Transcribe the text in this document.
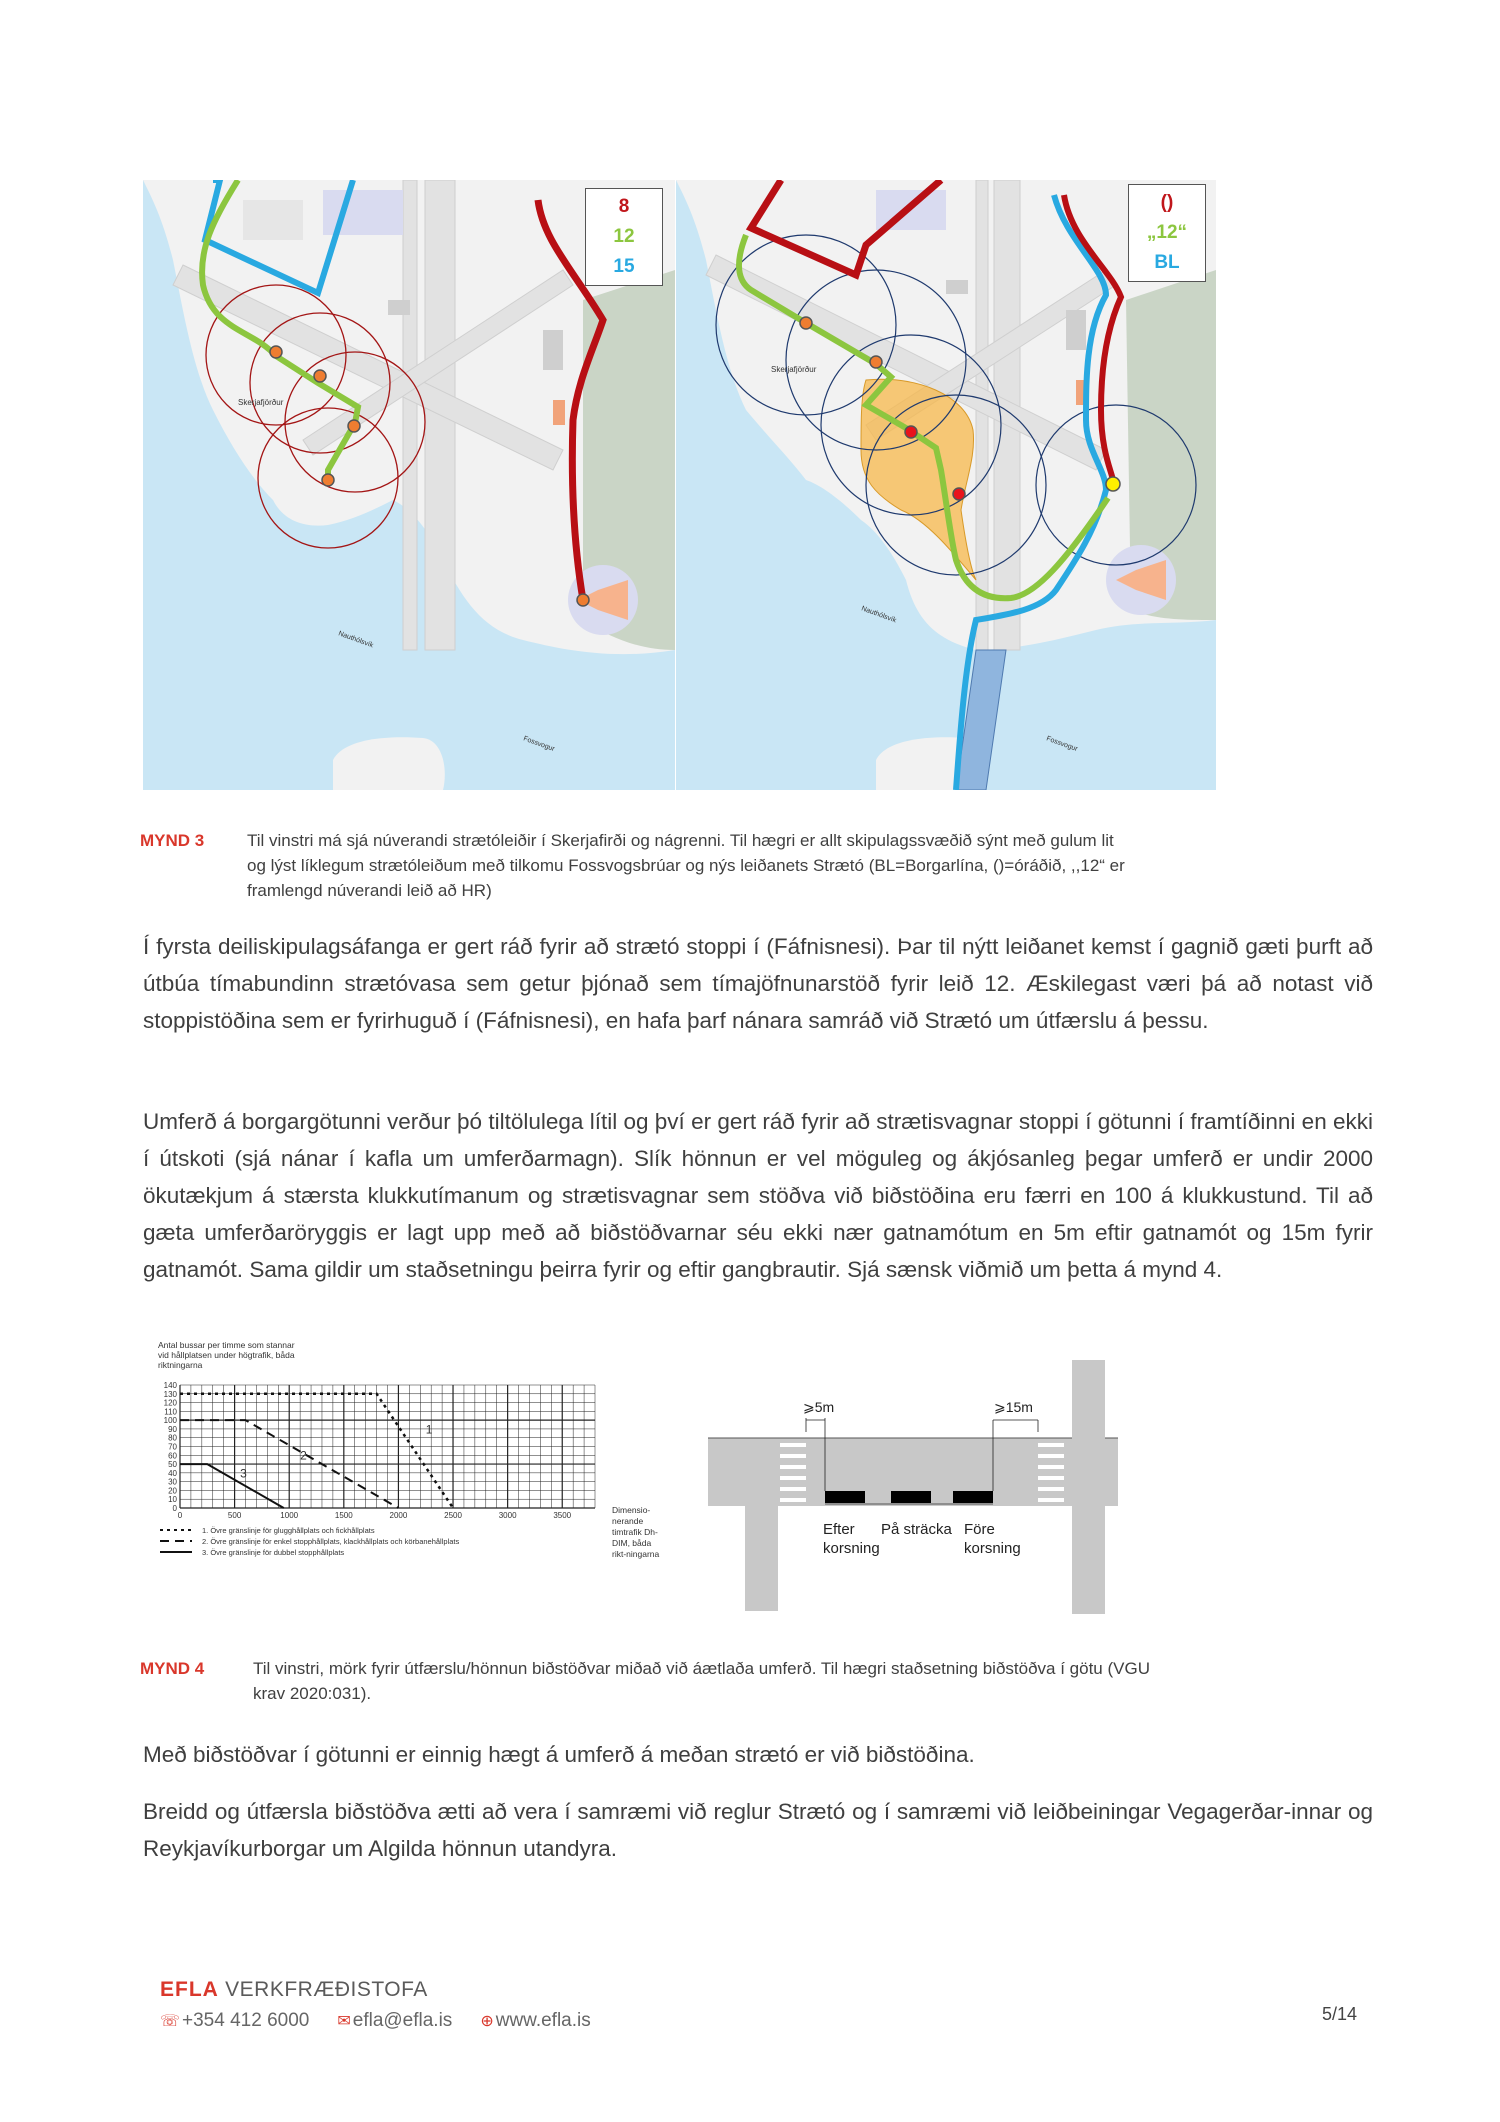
Skerjafjörður
Nauthólsvík
Fossvogur
8
12
15
Skerjafjörður
Nauthólsvík
Fossvogur
()
„12“
BL
MYND 3	Til vinstri má sjá núverandi strætóleiðir í Skerjafirði og nágrenni. Til hægri er allt skipulagssvæðið sýnt með gulum lit
og lýst líklegum strætóleiðum með tilkomu Fossvogsbrúar og nýs leiðanets Strætó (BL=Borgarlína, ()=óráðið, ,,12“ er
framlengd núverandi leið að HR)

Í fyrsta deiliskipulagsáfanga er gert ráð fyrir að strætó stoppi í (Fáfnisnesi). Þar til nýtt leiðanet kemst í gagnið gæti þurft að útbúa tímabundinn strætóvasa sem getur þjónað sem tímajöfnunarstöð fyrir leið 12. Æskilegast væri þá að notast við stoppistöðina sem er fyrirhuguð í (Fáfnisnesi), en hafa þarf nánara samráð við Strætó um útfærslu á þessu.

Umferð á borgargötunni verður þó tiltölulega lítil og því er gert ráð fyrir að strætisvagnar stoppi í götunni í framtíðinni en ekki í útskoti (sjá nánar í kafla um umferðarmagn). Slík hönnun er vel möguleg og ákjósanleg þegar umferð er undir 2000 ökutækjum á stærsta klukkutímanum og strætisvagnar sem stöðva við biðstöðina eru færri en 100 á klukkustund. Til að gæta umferðaröryggis er lagt upp með að biðstöðvarnar séu ekki nær gatnamótum en 5m eftir gatnamót og 15m fyrir gatnamót. Sama gildir um staðsetningu þeirra fyrir og eftir gangbrautir. Sjá sænsk viðmið um þetta á mynd 4.

Antal bussar per timme som stannar vid hållplatsen under högtrafik, båda riktningarna
0
10
20
30
40
50
60
70
80
90
100
110
120
130
140
0	500	1000	1500	2000	2500	3000	3500
1
2
3
1. Övre gränslinje för glugghållplats och fickhållplats
2. Övre gränslinje för enkel stopphållplats, klackhållplats och körbanehållplats
3. Övre gränslinje för dubbel stopphållplats
Dimensio-nerande timtrafik Dh-DIM, båda rikt-ningarna
⩾5m	⩾15m
Efter korsning
På sträcka Före korsning
MYND 4	Til vinstri, mörk fyrir útfærslu/hönnun biðstöðvar miðað við áætlaða umferð. Til hægri staðsetning biðstöðva í götu (VGU
krav 2020:031).

Með biðstöðvar í götunni er einnig hægt á umferð á meðan strætó er við biðstöðina.

Breidd og útfærsla biðstöðva ætti að vera í samræmi við reglur Strætó og í samræmi við leiðbeiningar Vegagerðar-innar og Reykjavíkurborgar um Algilda hönnun utandyra.

EFLA VERKFRÆÐISTOFA
☏ +354 412 6000 ✉ efla@efla.is ⊕ www.efla.is	5/14
